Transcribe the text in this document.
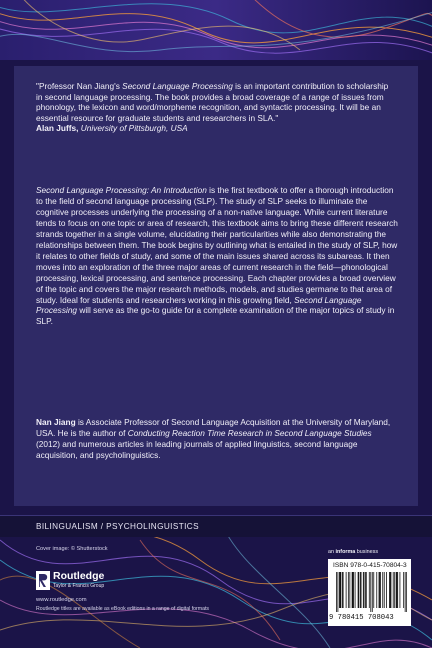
"Professor Nan Jiang's Second Language Processing is an important contribution to scholarship in second language processing. The book provides a broad coverage of a range of issues from phonology, the lexicon and word/morpheme recognition, and syntactic processing. It will be an essential resource for graduate students and researchers in SLA."
Alan Juffs, University of Pittsburgh, USA
Second Language Processing: An Introduction is the first textbook to offer a thorough introduction to the field of second language processing (SLP). The study of SLP seeks to illuminate the cognitive processes underlying the processing of a non-native language. While current literature tends to focus on one topic or area of research, this textbook aims to bring these different research strands together in a single volume, elucidating their particularities while also demonstrating the relationships between them. The book begins by outlining what is entailed in the study of SLP, how it relates to other fields of study, and some of the main issues shared across its subareas. It then moves into an exploration of the three major areas of current research in the field—phonological processing, lexical processing, and sentence processing. Each chapter provides a broad overview of the topic and covers the major research methods, models, and studies germane to that area of study. Ideal for students and researchers working in this growing field, Second Language Processing will serve as the go-to guide for a complete examination of the major topics of study in SLP.
Nan Jiang is Associate Professor of Second Language Acquisition at the University of Maryland, USA. He is the author of Conducting Reaction Time Research in Second Language Studies (2012) and numerous articles in leading journals of applied linguistics, second language acquisition, and psycholinguistics.
BILINGUALISM / PSYCHOLINGUISTICS
Cover image: © Shutterstock
Routledge
Taylor & Francis Group
www.routledge.com
Routledge titles are available as eBook editions in a range of digital formats
an informa business
ISBN 978-0-415-70804-3
9 780415 708043
